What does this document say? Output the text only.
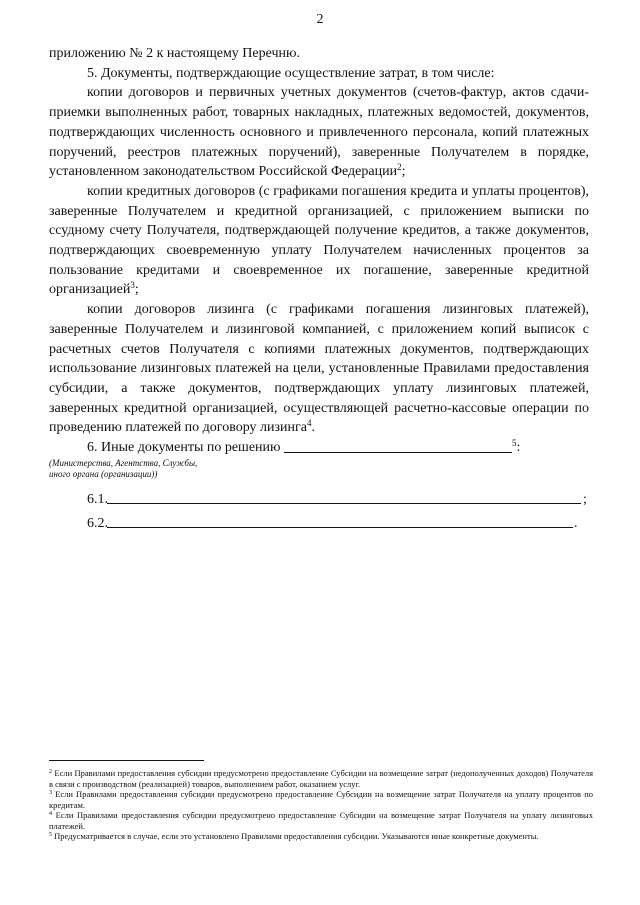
2

приложению № 2 к настоящему Перечню.

5. Документы, подтверждающие осуществление затрат, в том числе:

копии договоров и первичных учетных документов (счетов-фактур, актов сдачи-приемки выполненных работ, товарных накладных, платежных ведомостей, документов, подтверждающих численность основного и привлеченного персонала, копий платежных поручений, реестров платежных поручений), заверенные Получателем в порядке, установленном законодательством Российской Федерации$^2$;

копии кредитных договоров (с графиками погашения кредита и уплаты процентов), заверенные Получателем и кредитной организацией, с приложением выписки по ссудному счету Получателя, подтверждающей получение кредитов, а также документов, подтверждающих своевременную уплату Получателем начисленных процентов за пользование кредитами и своевременное их погашение, заверенные кредитной организацией$^3$;

копии договоров лизинга (с графиками погашения лизинговых платежей), заверенные Получателем и лизинговой компанией, с приложением копий выписок с расчетных счетов Получателя с копиями платежных документов, подтверждающих использование лизинговых платежей на цели, установленные Правилами предоставления субсидии, а также документов, подтверждающих уплату лизинговых платежей, заверенных кредитной организацией, осуществляющей расчетно-кассовые операции по проведению платежей по договору лизинга$^4$.

6. Иные документы по решению	$^5$:

(Министерства, Агентства, Службы,
иного органа (организации))

6.1.	;
6.2.	.

$^2$ Если Правилами предоставления субсидии предусмотрено предоставление Субсидии на возмещение затрат (недополученных доходов) Получателя в связи с производством (реализацией) товаров, выполнением работ, оказанием услуг.

$^3$ Если Правилами предоставления субсидии предусмотрено предоставление Субсидии на возмещение затрат Получателя на уплату процентов по кредитам.

$^4$ Если Правилами предоставления субсидии предусмотрено предоставление Субсидии на возмещение затрат Получателя на уплату лизинговых платежей.

$^5$ Предусматривается в случае, если это установлено Правилами предоставления субсидии. Указываются иные конкретные документы.
